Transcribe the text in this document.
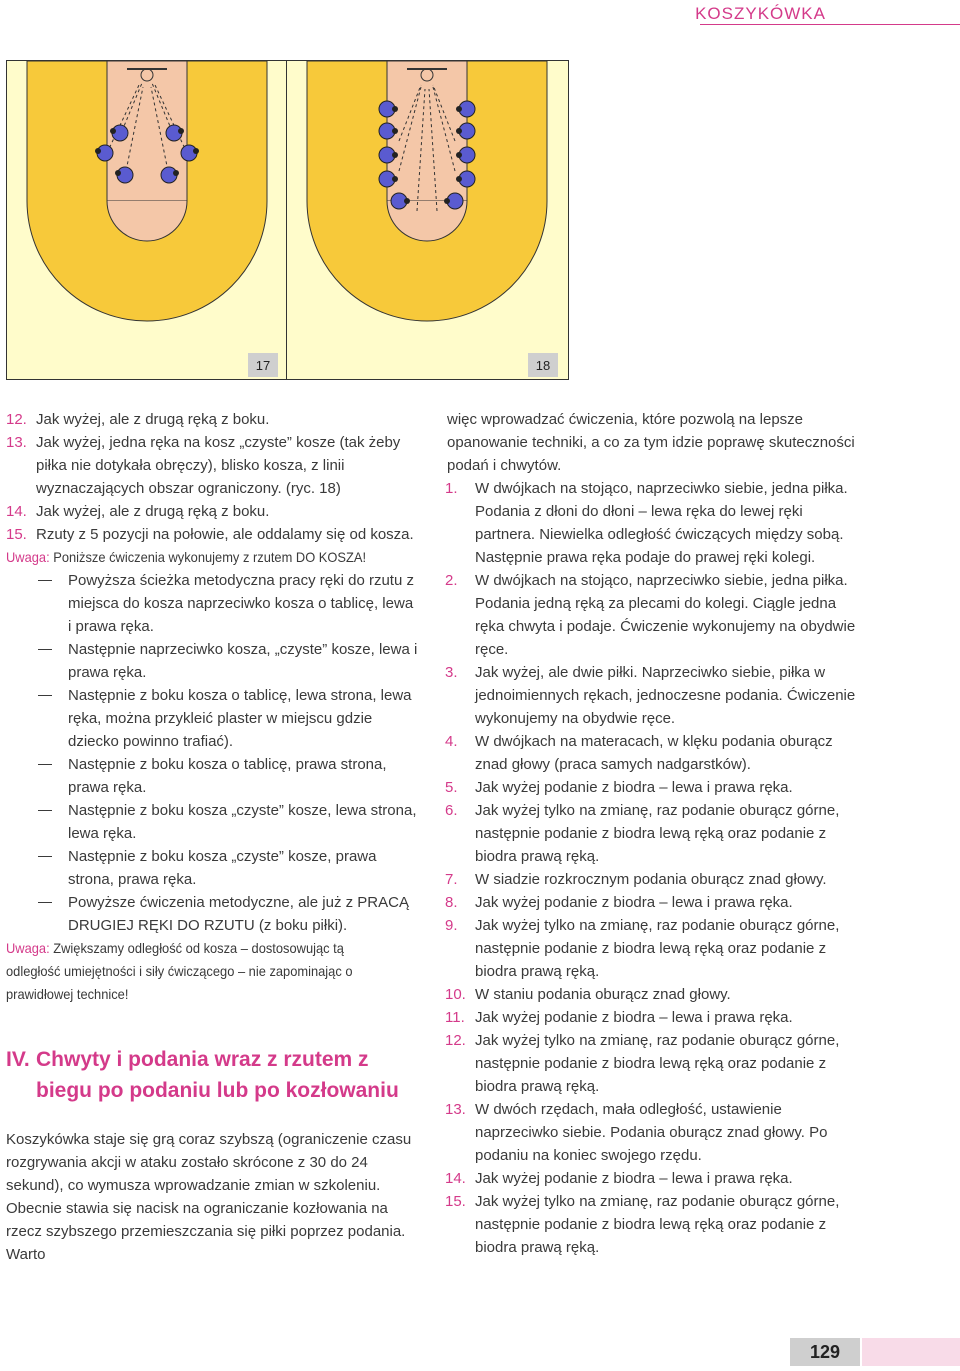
KOSZYKÓWKA
17	18
12. Jak wyżej, ale z drugą ręką z boku.
13. Jak wyżej, jedna ręka na kosz „czyste” kosze (tak żeby piłka nie dotykała obręczy), blisko kosza, z linii wyznaczających obszar ograniczony. (ryc. 18)
14. Jak wyżej, ale z drugą ręką z boku.
15. Rzuty z 5 pozycji na połowie, ale oddalamy się od kosza.
Uwaga: Poniższe ćwiczenia wykonujemy z rzutem DO KOSZA!
Powyższa ścieżka metodyczna pracy ręki do rzutu z miejsca do kosza naprzeciwko kosza o tablicę, lewa i prawa ręka.
Następnie naprzeciwko kosza, „czyste” kosze, lewa i prawa ręka.
Następnie z boku kosza o tablicę, lewa strona, lewa ręka, można przykleić plaster w miejscu gdzie dziecko powinno trafiać).
Następnie z boku kosza o tablicę, prawa strona, prawa ręka.
Następnie z boku kosza „czyste” kosze, lewa strona, lewa ręka.
Następnie z boku kosza „czyste” kosze, prawa strona, prawa ręka.
Powyższe ćwiczenia metodyczne, ale już z PRACĄ DRUGIEJ RĘKI DO RZUTU (z boku piłki).
Uwaga: Zwiększamy odległość od kosza – dostosowując tą odległość umiejętności i siły ćwiczącego – nie zapominając o prawidłowej technice!
IV. Chwyty i podania wraz z rzutem z
biegu po podaniu lub po kozłowaniu

Koszykówka staje się grą coraz szybszą (ograniczenie czasu rozgrywania akcji w ataku zostało skrócone z 30 do 24 sekund), co wymusza wprowadzanie zmian w szkoleniu. Obecnie stawia się nacisk na ograniczanie kozłowania na rzecz szybszego przemieszczania się piłki poprzez podania. Warto

więc wprowadzać ćwiczenia, które pozwolą na lepsze opanowanie techniki, a co za tym idzie poprawę skuteczności podań i chwytów.
1. W dwójkach na stojąco, naprzeciwko siebie, jedna piłka. Podania z dłoni do dłoni – lewa ręka do lewej ręki partnera. Niewielka odległość ćwiczących między sobą. Następnie prawa ręka podaje do prawej ręki kolegi.
2. W dwójkach na stojąco, naprzeciwko siebie, jedna piłka. Podania jedną ręką za plecami do kolegi. Ciągle jedna ręka chwyta i podaje. Ćwiczenie wykonujemy na obydwie ręce.
3. Jak wyżej, ale dwie piłki. Naprzeciwko siebie, piłka w jednoimiennych rękach, jednoczesne podania. Ćwiczenie wykonujemy na obydwie ręce.
4. W dwójkach na materacach, w klęku podania oburącz znad głowy (praca samych nadgarstków).
5. Jak wyżej podanie z biodra – lewa i prawa ręka.
6. Jak wyżej tylko na zmianę, raz podanie oburącz górne, następnie podanie z biodra lewą ręką oraz podanie z biodra prawą ręką.
7. W siadzie rozkrocznym podania oburącz znad głowy.
8. Jak wyżej podanie z biodra – lewa i prawa ręka.
9. Jak wyżej tylko na zmianę, raz podanie oburącz górne, następnie podanie z biodra lewą ręką oraz podanie z biodra prawą ręką.
10. W staniu podania oburącz znad głowy.
11. Jak wyżej podanie z biodra – lewa i prawa ręka.
12. Jak wyżej tylko na zmianę, raz podanie oburącz górne, następnie podanie z biodra lewą ręką oraz podanie z biodra prawą ręką.
13. W dwóch rzędach, mała odległość, ustawienie naprzeciwko siebie. Podania oburącz znad głowy. Po podaniu na koniec swojego rzędu.
14. Jak wyżej podanie z biodra – lewa i prawa ręka.
15. Jak wyżej tylko na zmianę, raz podanie oburącz górne, następnie podanie z biodra lewą ręką oraz podanie z biodra prawą ręką.
129
